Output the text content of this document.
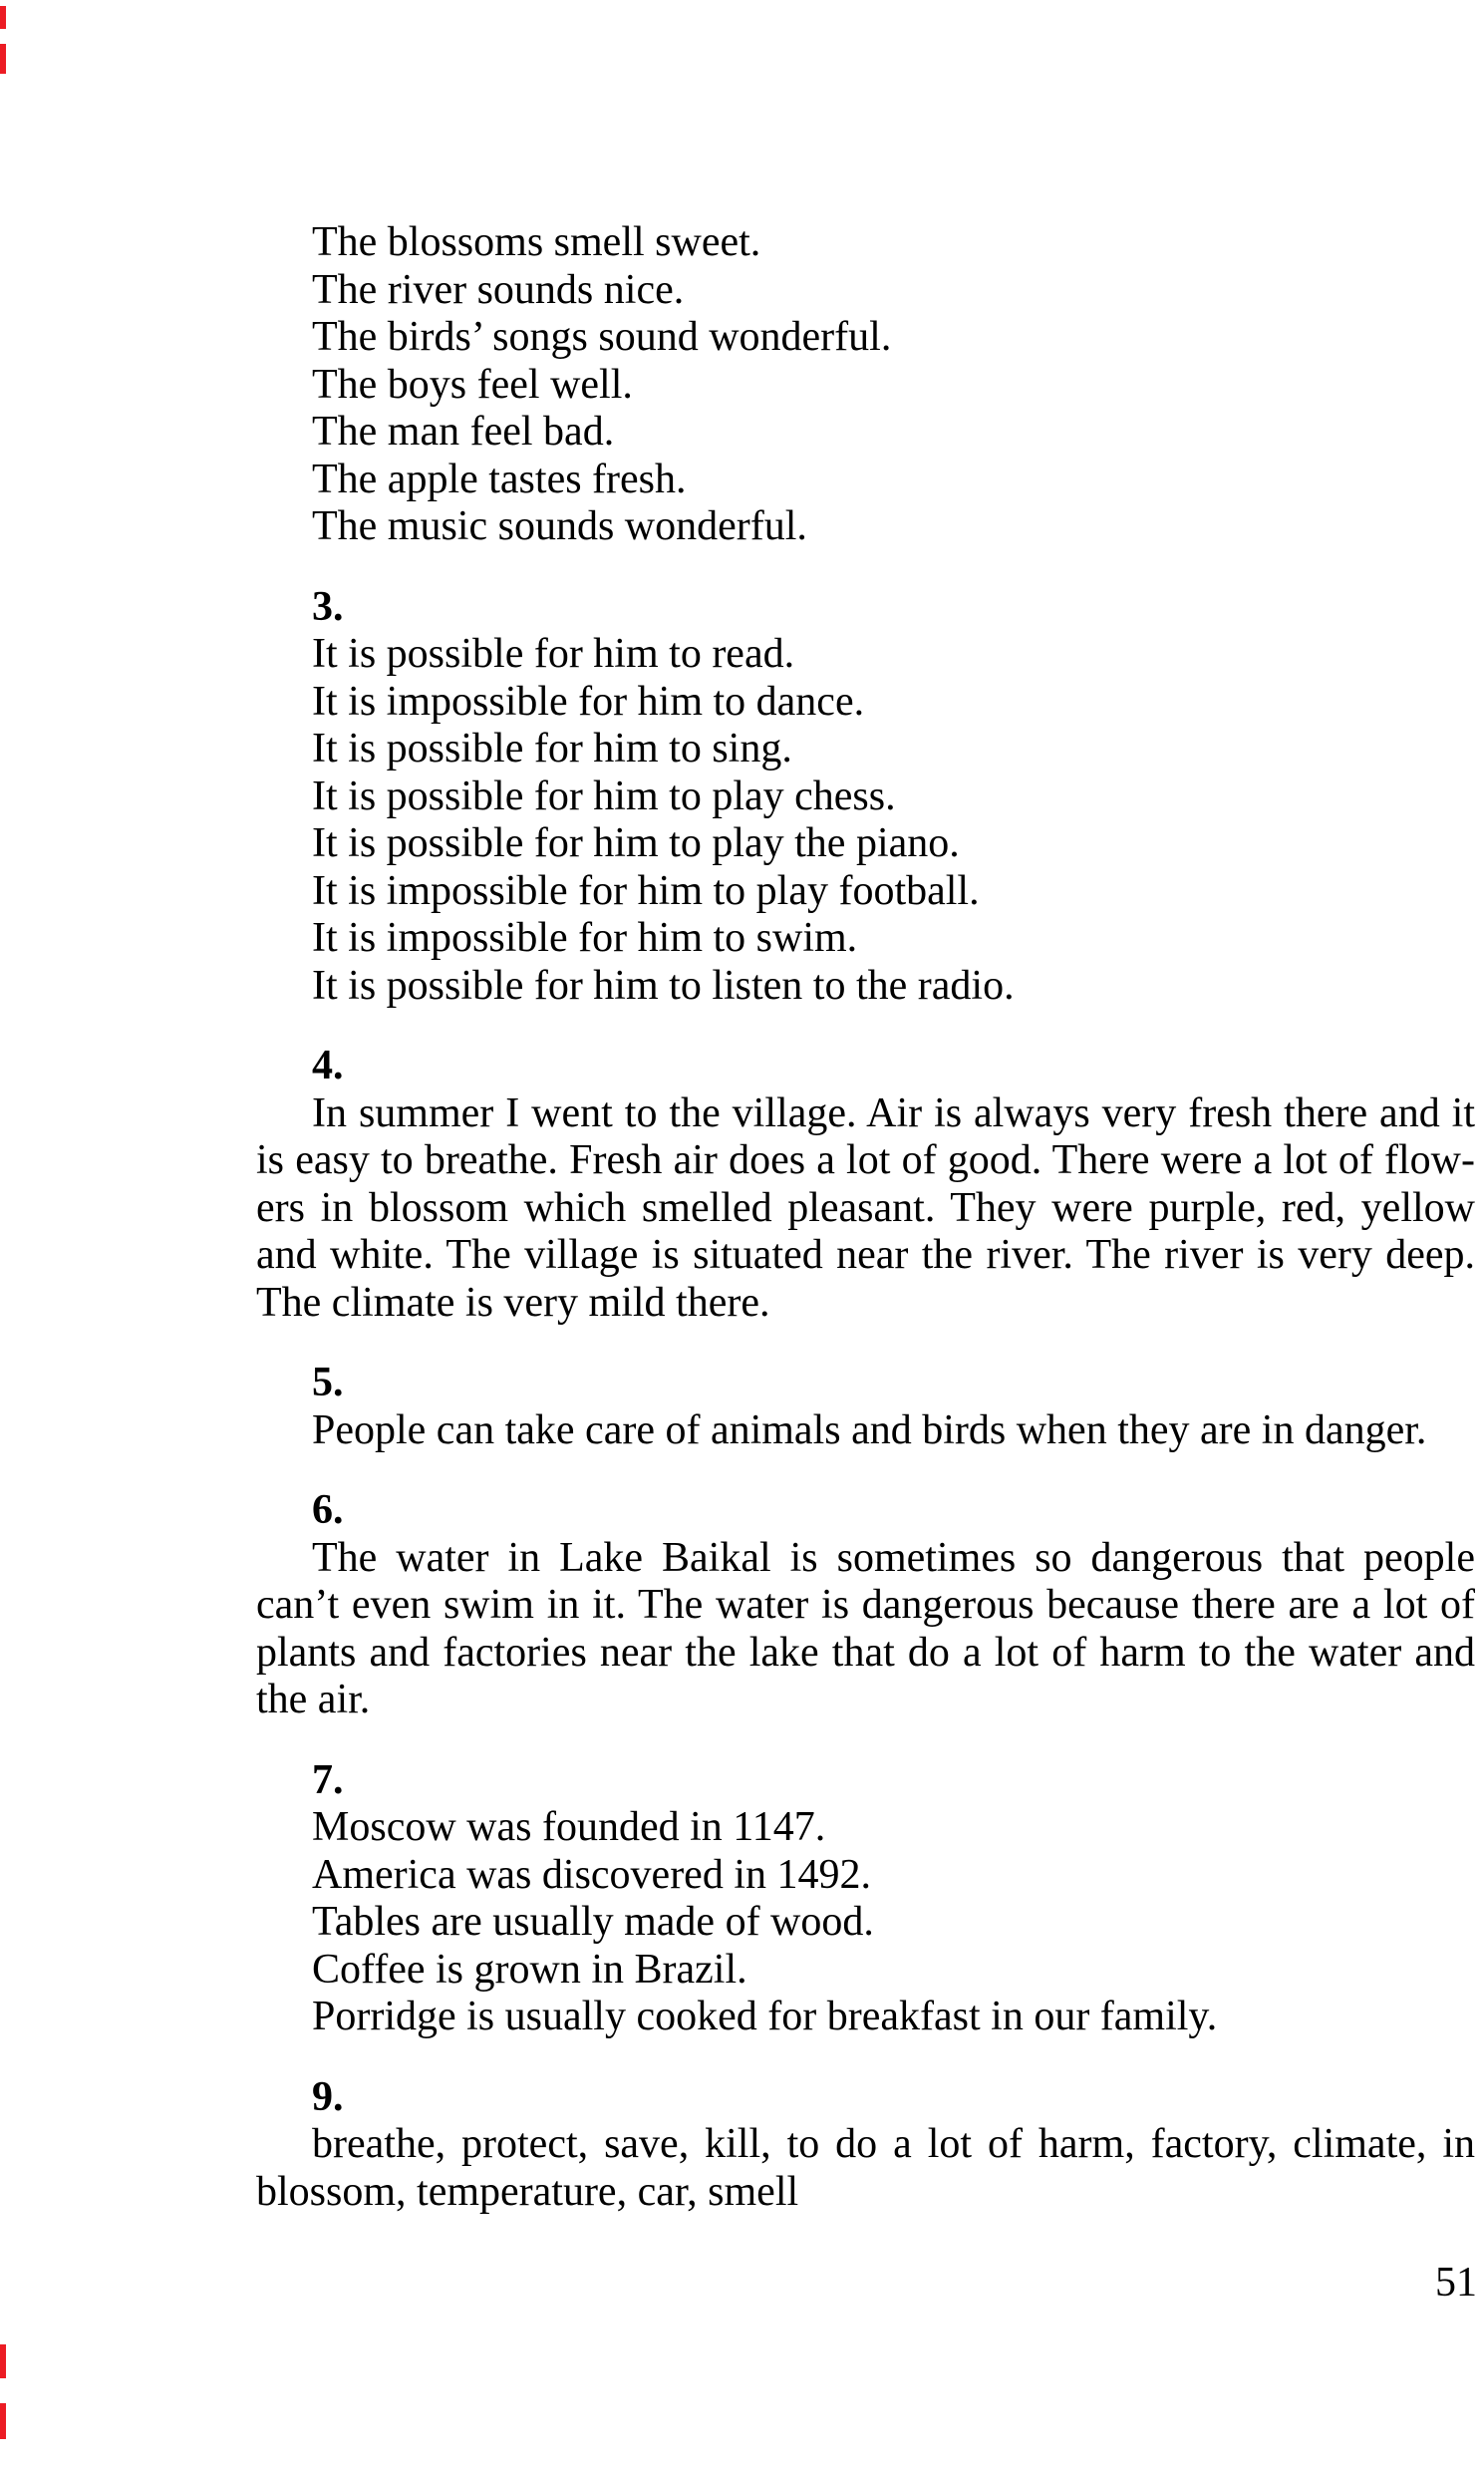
The blossoms smell sweet.
The river sounds nice.
The birds’ songs sound wonderful.
The boys feel well.
The man feel bad.
The apple tastes fresh.
The music sounds wonderful.
3.
It is possible for him to read.
It is impossible for him to dance.
It is possible for him to sing.
It is possible for him to play chess.
It is possible for him to play the piano.
It is impossible for him to play football.
It is impossible for him to swim.
It is possible for him to listen to the radio.
4.
In summer I went to the village. Air is always very fresh there and it
is easy to breathe. Fresh air does a lot of good. There were a lot of flow-
ers in blossom which smelled pleasant. They were purple, red, yellow
and white. The village is situated near the river. The river is very deep.
The climate is very mild there.
5.
People can take care of animals and birds when they are in danger.
6.
The water in Lake Baikal is sometimes so dangerous that people
can’t even swim in it. The water is dangerous because there are a lot of
plants and factories near the lake that do a lot of harm to the water and
the air.
7.
Moscow was founded in 1147.
America was discovered in 1492.
Tables are usually made of wood.
Coffee is grown in Brazil.
Porridge is usually cooked for breakfast in our family.
9.
breathe, protect, save, kill, to do a lot of harm, factory, climate, in
blossom, temperature, car, smell
51
